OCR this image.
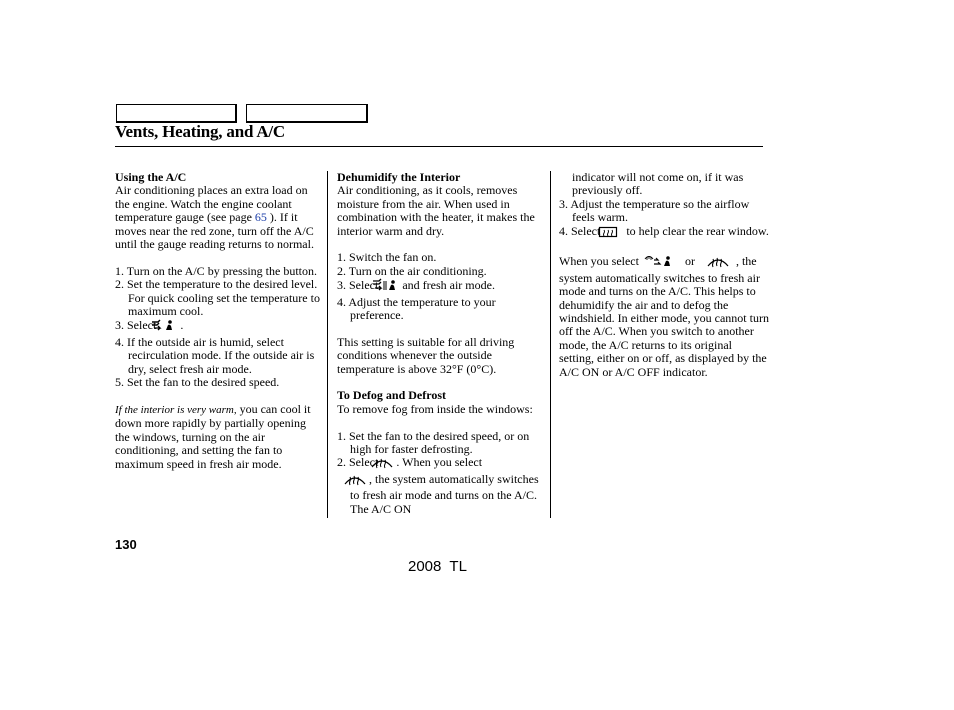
Vents, Heating, and A/C

Using the A/C

Air conditioning places an extra load on the engine. Watch the engine coolant temperature gauge (see page 65 ). If it moves near the red zone, turn off the A/C until the gauge reading returns to normal.

1. Turn on the A/C by pressing the button.

2. Set the temperature to the desired level. For quick cooling set the temperature to maximum cool.

3. Select .

4. If the outside air is humid, select recirculation mode. If the outside air is dry, select fresh air mode.

5. Set the fan to the desired speed.

If the interior is very warm, you can cool it down more rapidly by partially opening the windows, turning on the air conditioning, and setting the fan to maximum speed in fresh air mode.

Dehumidify the Interior

Air conditioning, as it cools, removes moisture from the air. When used in combination with the heater, it makes the interior warm and dry.

1. Switch the fan on.

2. Turn on the air conditioning.

3. Select and fresh air mode.

4. Adjust the temperature to your preference.

This setting is suitable for all driving conditions whenever the outside temperature is above 32°F (0°C).

To Defog and Defrost

To remove fog from inside the windows:

1. Set the fan to the desired speed, or on high for faster defrosting.

2. Select . When you select
, the system automatically switches to fresh air mode and turns on the A/C. The A/C ON

indicator will not come on, if it was previously off.

3. Adjust the temperature so the airflow feels warm.

4. Select to help clear the rear window.

When you select	or	, the system automatically switches to fresh air mode and turns on the A/C. This helps to dehumidify the air and to defog the windshield. In either mode, you cannot turn off the A/C. When you switch to another mode, the A/C returns to its original setting, either on or off, as displayed by the A/C ON or A/C OFF indicator.

130
2008  TL
